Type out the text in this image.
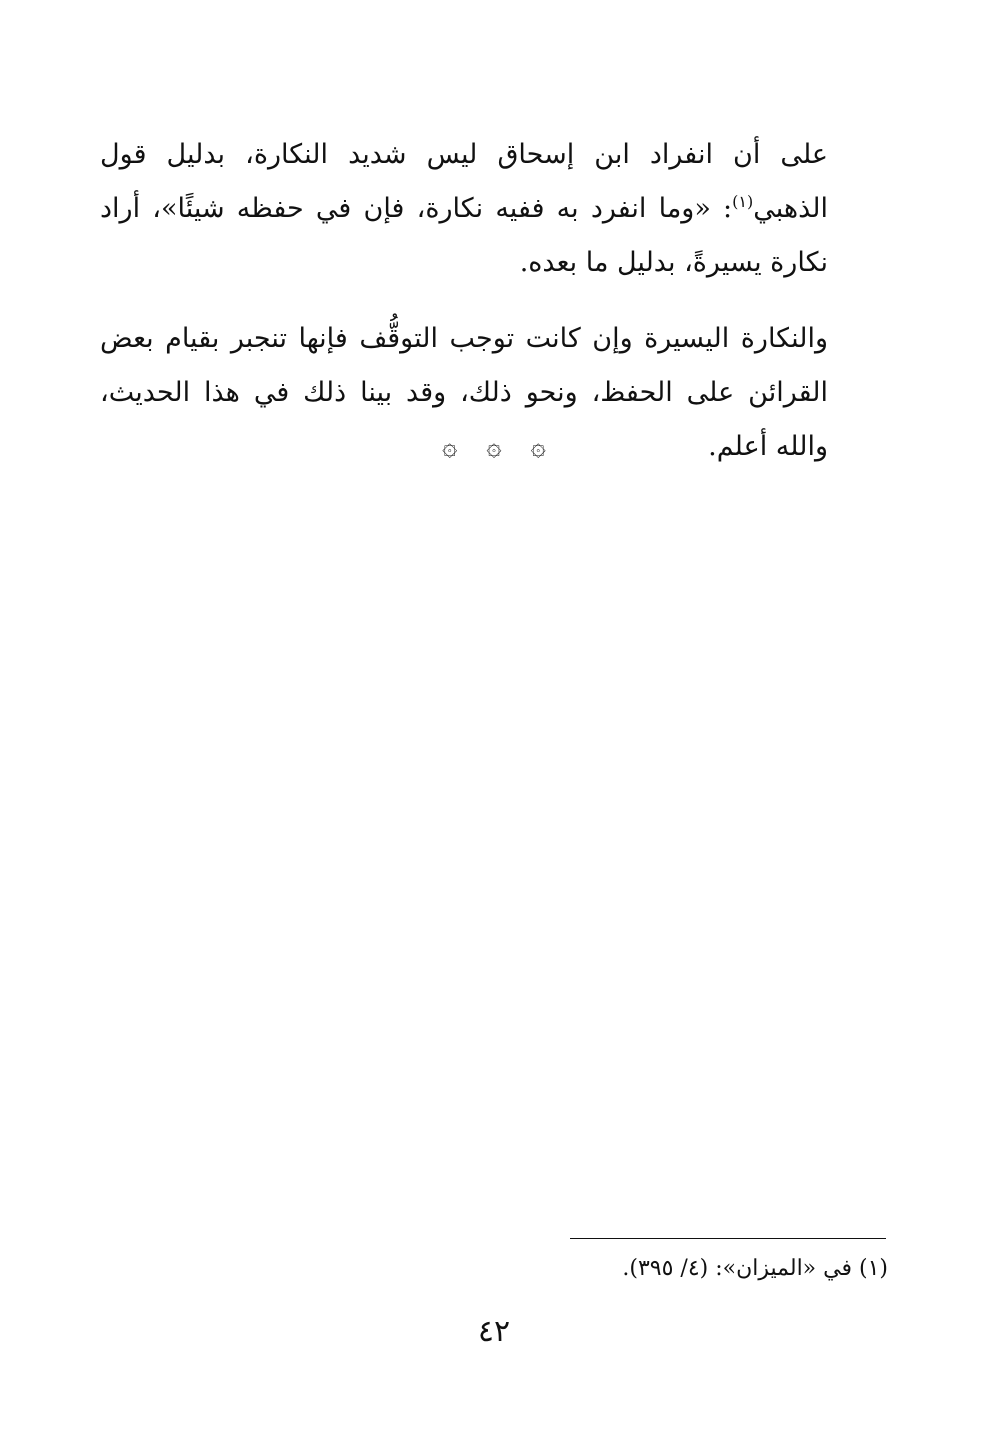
على أن انفراد ابن إسحاق ليس شديد النكارة، بدليل قول الذهبي$^{(١)}$: «وما انفرد به ففيه نكارة، فإن في حفظه شيئًا»، أراد نكارة يسيرةً، بدليل ما بعده.

والنكارة اليسيرة وإن كانت توجب التوقُّف فإنها تنجبر بقيام بعض القرائن على الحفظ، ونحو ذلك، وقد بينا ذلك في هذا الحديث، والله أعلم.

۞ ۞ ۞
(١) في «الميزان»: (٤/ ٣٩٥).
٤٢
